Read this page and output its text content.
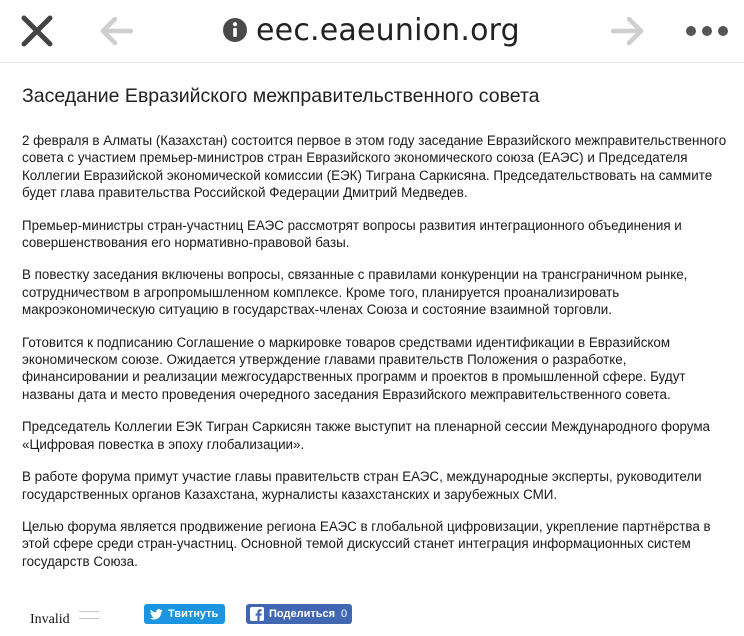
eec.eaeunion.org
Заседание Евразийского межправительственного совета

2 февраля в Алматы (Казахстан) состоится первое в этом году заседание Евразийского межправительственного совета с участием премьер-министров стран Евразийского экономического союза (ЕАЭС) и Председателя Коллегии Евразийской экономической комиссии (ЕЭК) Тиграна Саркисяна. Председательствовать на саммите будет глава правительства Российской Федерации Дмитрий Медведев.

Премьер-министры стран-участниц ЕАЭС рассмотрят вопросы развития интеграционного объединения и совершенствования его нормативно-правовой базы.

В повестку заседания включены вопросы, связанные с правилами конкуренции на трансграничном рынке, сотрудничеством в агропромышленном комплексе. Кроме того, планируется проанализировать макроэкономическую ситуацию в государствах-членах Союза и состояние взаимной торговли.

Готовится к подписанию Соглашение о маркировке товаров средствами идентификации в Евразийском экономическом союзе. Ожидается утверждение главами правительств Положения о разработке, финансировании и реализации межгосударственных программ и проектов в промышленной сфере. Будут названы дата и место проведения очередного заседания Евразийского межправительственного совета.

Председатель Коллегии ЕЭК Тигран Саркисян также выступит на пленарной сессии Международного форума «Цифровая повестка в эпоху глобализации».

В работе форума примут участие главы правительств стран ЕАЭС, международные эксперты, руководители государственных органов Казахстана, журналисты казахстанских и зарубежных СМИ.

Целью форума является продвижение региона ЕАЭС в глобальной цифровизации, укрепление партнёрства в этой сфере среди стран-участниц. Основной темой дискуссий станет интеграция информационных систем государств Союза.

Invalid	Твитнуть	Поделиться 0
